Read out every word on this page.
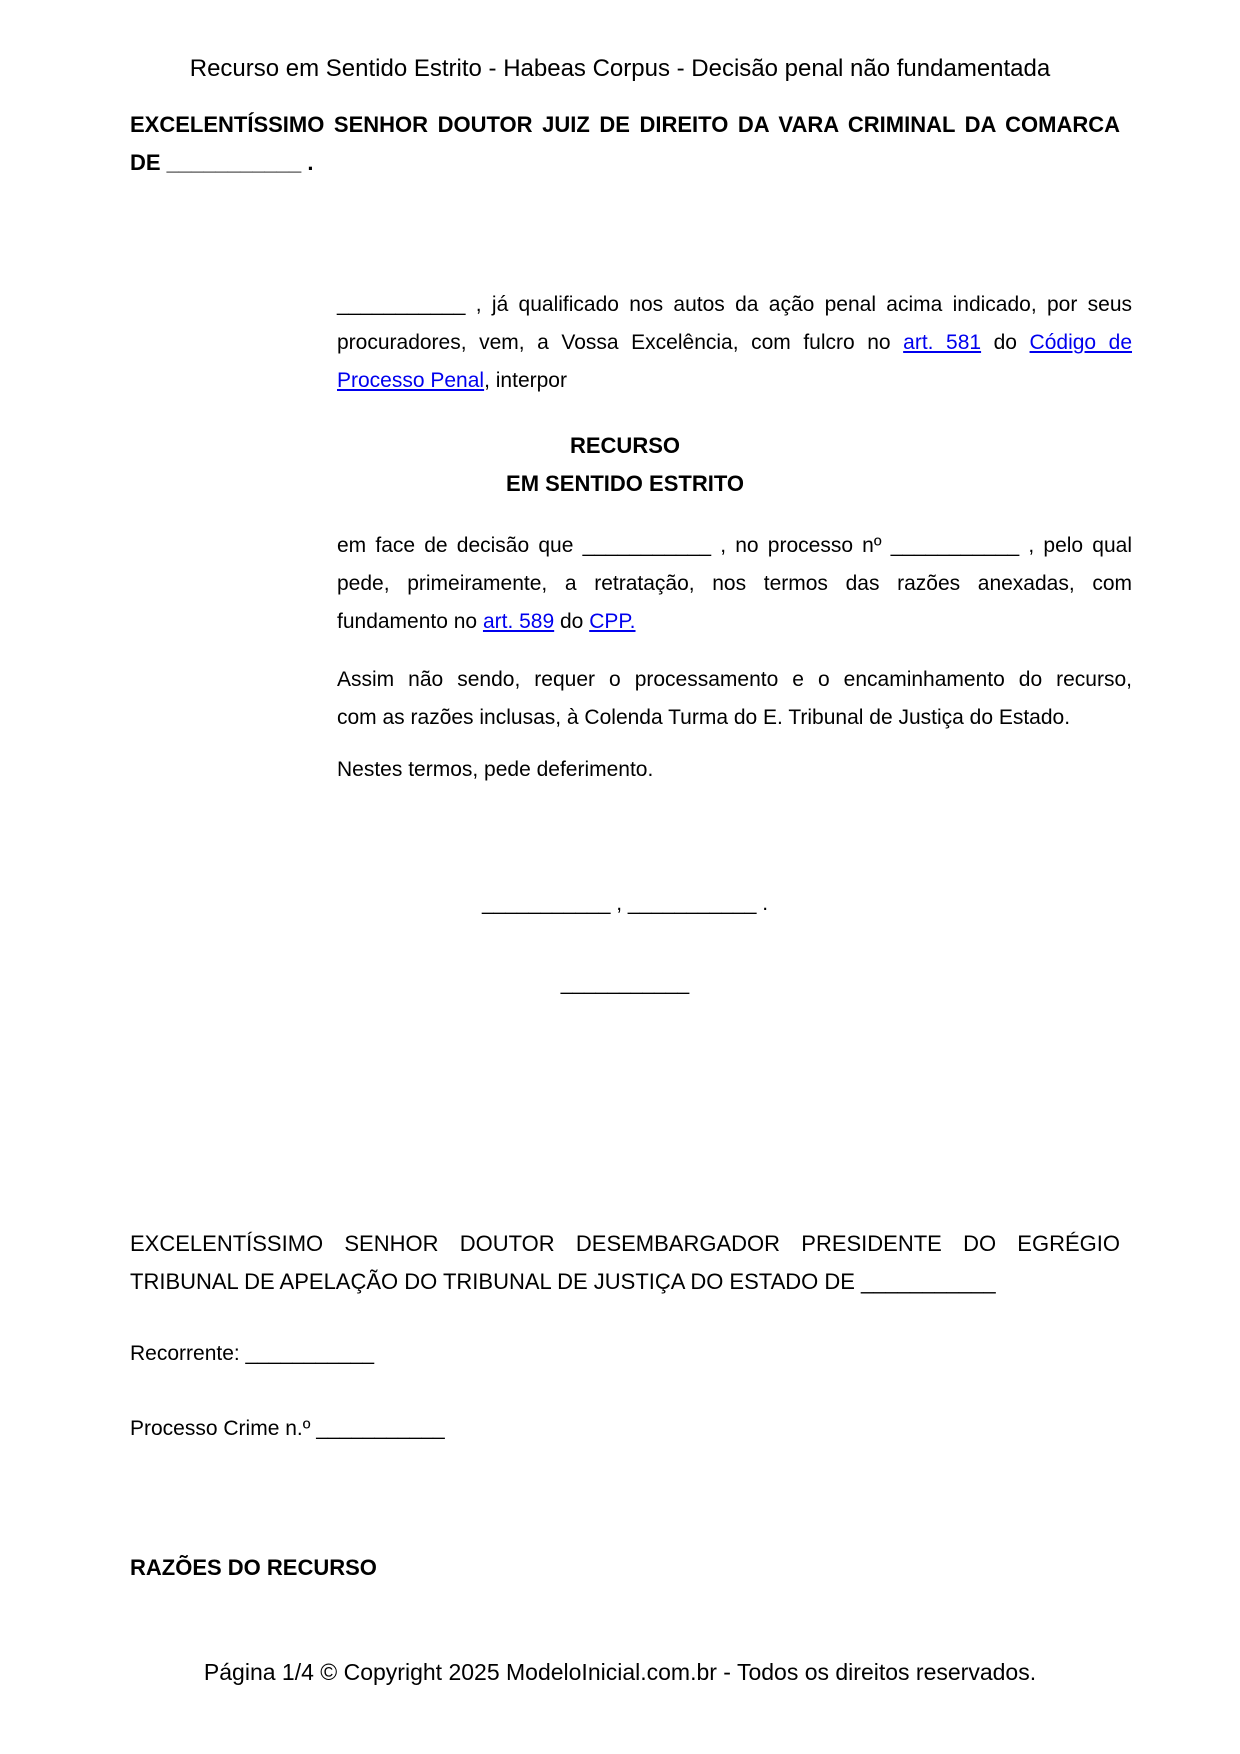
Recurso em Sentido Estrito - Habeas Corpus - Decisão penal não fundamentada
EXCELENTÍSSIMO SENHOR DOUTOR JUIZ DE DIREITO DA VARA CRIMINAL DA COMARCA
DE ___________ .
___________ , já qualificado nos autos da ação penal acima indicado, por seus
procuradores, vem, a Vossa Excelência, com fulcro no art. 581 do Código de
Processo Penal, interpor
RECURSO
EM SENTIDO ESTRITO
em face de decisão que ___________ , no processo nº ___________ , pelo qual
pede, primeiramente, a retratação, nos termos das razões anexadas, com
fundamento no art. 589 do CPP.
Assim não sendo, requer o processamento e o encaminhamento do recurso,
com as razões inclusas, à Colenda Turma do E. Tribunal de Justiça do Estado.
Nestes termos, pede deferimento.
___________ , ___________ .
___________
EXCELENTÍSSIMO SENHOR DOUTOR DESEMBARGADOR PRESIDENTE DO EGRÉGIO
TRIBUNAL DE APELAÇÃO DO TRIBUNAL DE JUSTIÇA DO ESTADO DE ___________
Recorrente: ___________
Processo Crime n.º ___________
RAZÕES DO RECURSO
Página 1/4 © Copyright 2025 ModeloInicial.com.br - Todos os direitos reservados.
